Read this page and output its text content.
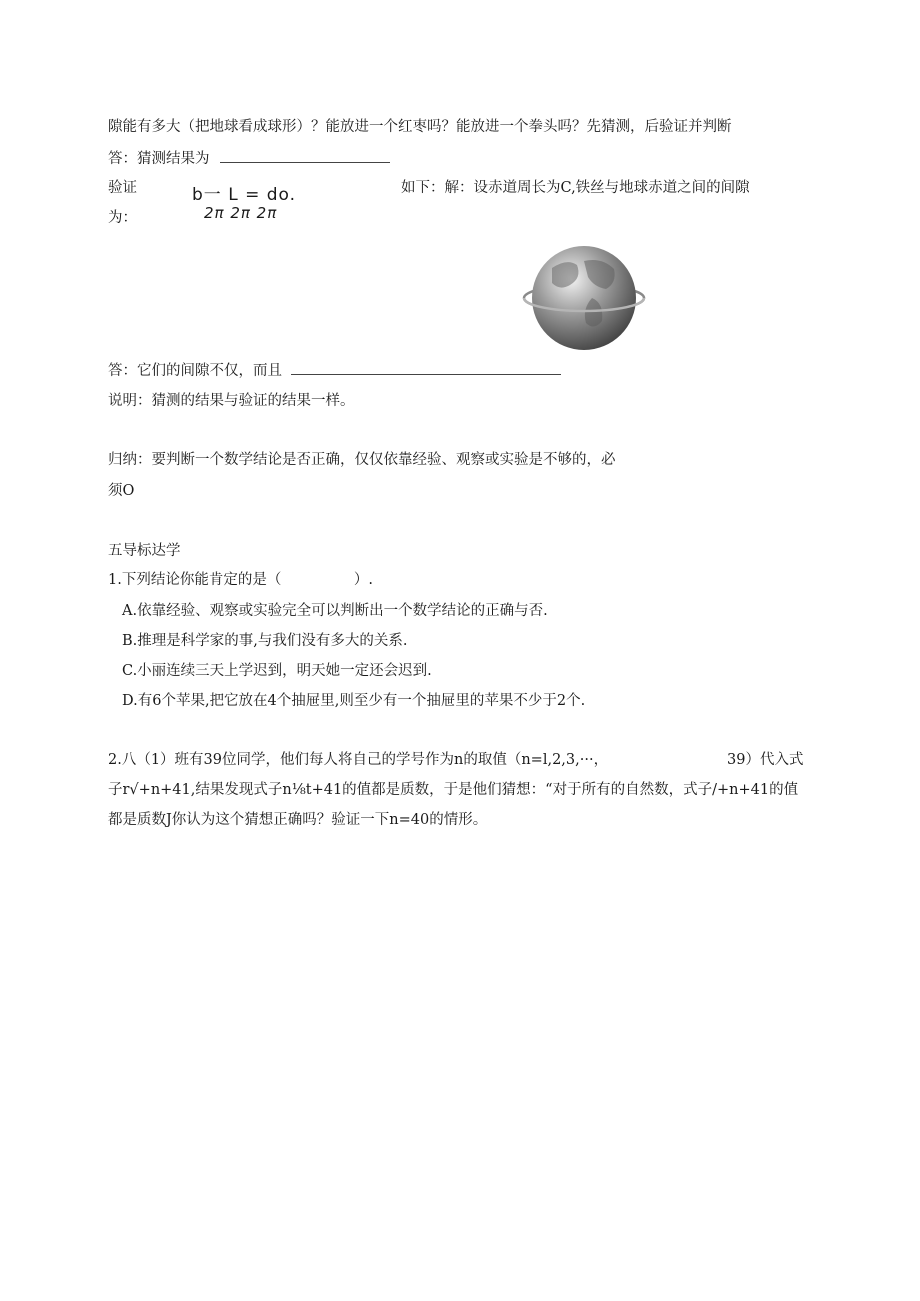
隙能有多大（把地球看成球形）？能放进一个红枣吗？能放进一个拳头吗？先猜测，后验证并判断
答：猜测结果为
验证
为：
b一 L = do.
2π 2π 2π
如下：解：设赤道周长为C,铁丝与地球赤道之间的间隙
答：它们的间隙不仅，而且
说明：猜测的结果与验证的结果一样。
归纳：要判断一个数学结论是否正确，仅仅依靠经验、观察或实验是不够的，必
须O
五导标达学
1.下列结论你能肯定的是（　　　　　）.
A.依靠经验、观察或实验完全可以判断出一个数学结论的正确与否.
B.推理是科学家的事,与我们没有多大的关系.
C.小丽连续三天上学迟到，明天她一定还会迟到.
D.有6个苹果,把它放在4个抽屉里,则至少有一个抽屉里的苹果不少于2个.
2.八（1）班有39位同学，他们每人将自己的学号作为n的取值（n=l,2,3,···，	39）代入式
子r√+n+41,结果发现式子n⅛t+41的值都是质数，于是他们猜想：“对于所有的自然数，式子/+n+41的值
都是质数J你认为这个猜想正确吗？验证一下n=40的情形。
